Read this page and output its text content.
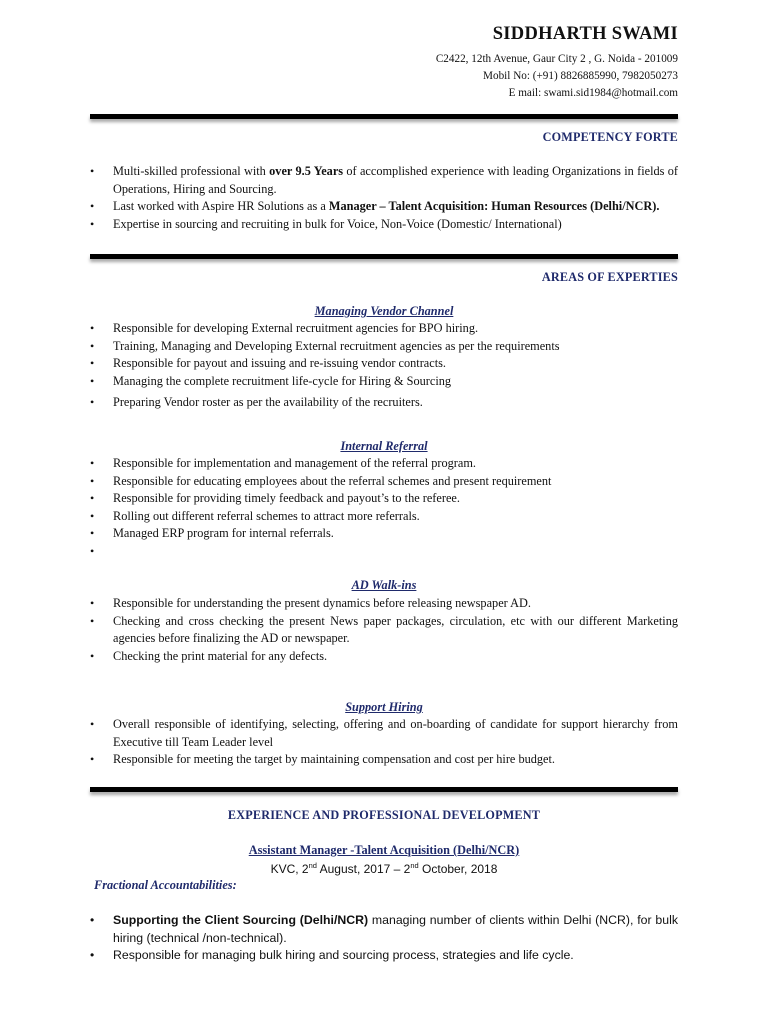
SIDDHARTH SWAMI
C2422, 12th Avenue, Gaur City 2 , G. Noida - 201009
Mobil No: (+91) 8826885990, 7982050273
E mail: swami.sid1984@hotmail.com
COMPETENCY FORTE
• Multi-skilled professional with over 9.5 Years of accomplished experience with leading Organizations in fields of Operations, Hiring and Sourcing.
• Last worked with Aspire HR Solutions as a Manager – Talent Acquisition: Human Resources (Delhi/NCR).
• Expertise in sourcing and recruiting in bulk for Voice, Non-Voice (Domestic/ International)
AREAS OF EXPERTIES
Managing Vendor Channel
• Responsible for developing External recruitment agencies for BPO hiring.
• Training, Managing and Developing External recruitment agencies as per the requirements
• Responsible for payout and issuing and re-issuing vendor contracts.
• Managing the complete recruitment life-cycle for Hiring & Sourcing
• Preparing Vendor roster as per the availability of the recruiters.
Internal Referral
• Responsible for implementation and management of the referral program.
• Responsible for educating employees about the referral schemes and present requirement
• Responsible for providing timely feedback and payout’s to the referee.
• Rolling out different referral schemes to attract more referrals.
• Managed ERP program for internal referrals.
•
AD Walk-ins
• Responsible for understanding the present dynamics before releasing newspaper AD.
• Checking and cross checking the present News paper packages, circulation, etc with our different Marketing agencies before finalizing the AD or newspaper.
• Checking the print material for any defects.
Support Hiring
• Overall responsible of identifying, selecting, offering and on-boarding of candidate for support hierarchy from Executive till Team Leader level
• Responsible for meeting the target by maintaining compensation and cost per hire budget.
EXPERIENCE AND PROFESSIONAL DEVELOPMENT
Assistant Manager -Talent Acquisition (Delhi/NCR)
KVC, 2nd August, 2017 – 2nd October, 2018
Fractional Accountabilities:
• Supporting the Client Sourcing (Delhi/NCR) managing number of clients within Delhi (NCR), for bulk hiring (technical /non-technical).
• Responsible for managing bulk hiring and sourcing process, strategies and life cycle.
